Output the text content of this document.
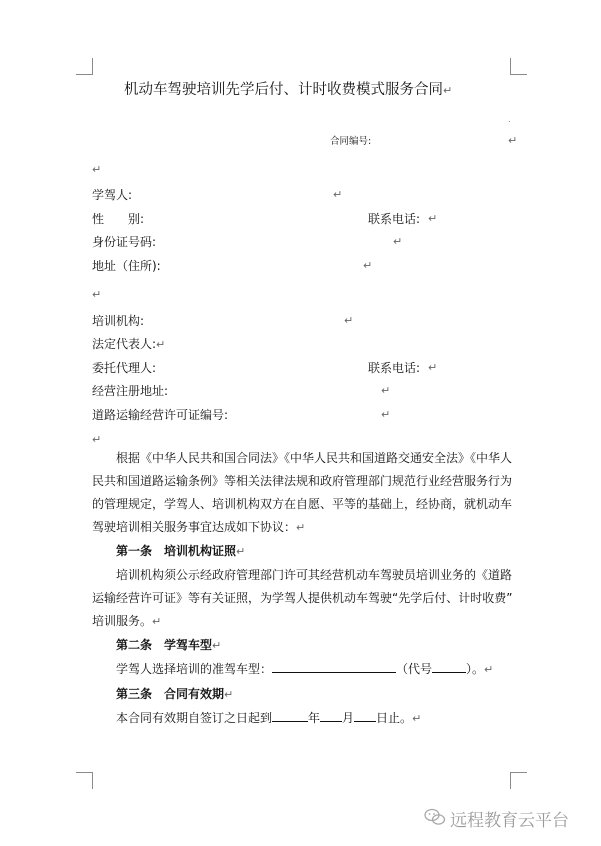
机动车驾驶培训先学后付、计时收费模式服务合同↵
.
合同编号:	↵
↵
学驾人:	↵
性　　别:	联系电话: ↵
身份证号码:	↵
地址（住所):	↵
↵
培训机构:	↵
法定代表人:↵
委托代理人:	联系电话: ↵
经营注册地址:	↵
道路运输经营许可证编号:	↵
↵
根据《中华人民共和国合同法》《中华人民共和国道路交通安全法》《中华人
民共和国道路运输条例》等相关法律法规和政府管理部门规范行业经营服务行为
的管理规定，学驾人、培训机构双方在自愿、平等的基础上，经协商，就机动车
驾驶培训相关服务事宜达成如下协议：↵
第一条　培训机构证照↵
培训机构须公示经政府管理部门许可其经营机动车驾驶员培训业务的《道路
运输经营许可证》等有关证照，为学驾人提供机动车驾驶“先学后付、计时收费”
培训服务。↵
第二条　学驾车型↵
学驾人选择培训的准驾车型：	（代号	）。↵
第三条　合同有效期↵
本合同有效期自签订之日起到	年 月 日止。↵
远程教育云平台
